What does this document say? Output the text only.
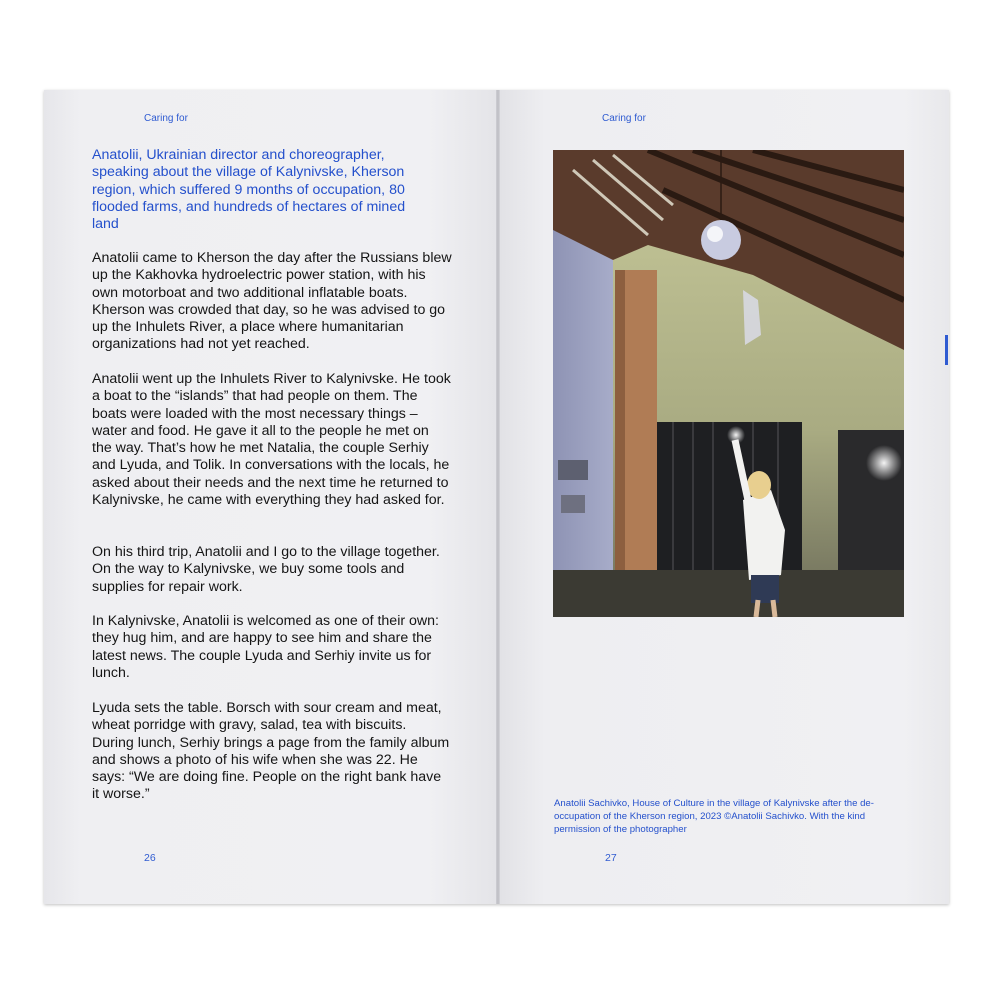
Caring for
Anatolii, Ukrainian director and choreographer, speaking about the village of Kalynivske, Kherson region, which suffered 9 months of occupation, 80 flooded farms, and hundreds of hectares of mined land
Anatolii came to Kherson the day after the Russians blew up the Kakhovka hydroelectric power station, with his own motorboat and two additional inflatable boats. Kherson was crowded that day, so he was advised to go up the Inhulets River, a place where humanitarian organizations had not yet reached.
Anatolii went up the Inhulets River to Kalynivske. He took a boat to the “islands” that had people on them. The boats were loaded with the most necessary things – water and food. He gave it all to the people he met on the way. That’s how he met Natalia, the couple Serhiy and Lyuda, and Tolik. In conversations with the locals, he asked about their needs and the next time he returned to Kalynivske, he came with everything they had asked for.
On his third trip, Anatolii and I go to the village together. On the way to Kalynivske, we buy some tools and supplies for repair work.
In Kalynivske, Anatolii is welcomed as one of their own: they hug him, and are happy to see him and share the latest news. The couple Lyuda and Serhiy invite us for lunch.
Lyuda sets the table. Borsch with sour cream and meat, wheat porridge with gravy, salad, tea with biscuits. During lunch, Serhiy brings a page from the family album and shows a photo of his wife when she was 22. He says: “We are doing fine. People on the right bank have it worse.”
26
Caring for
Anatolii Sachivko, House of Culture in the village of Kalynivske after the de-occupation of the Kherson region, 2023 ©Anatolii Sachivko. With the kind permission of the photographer
27
